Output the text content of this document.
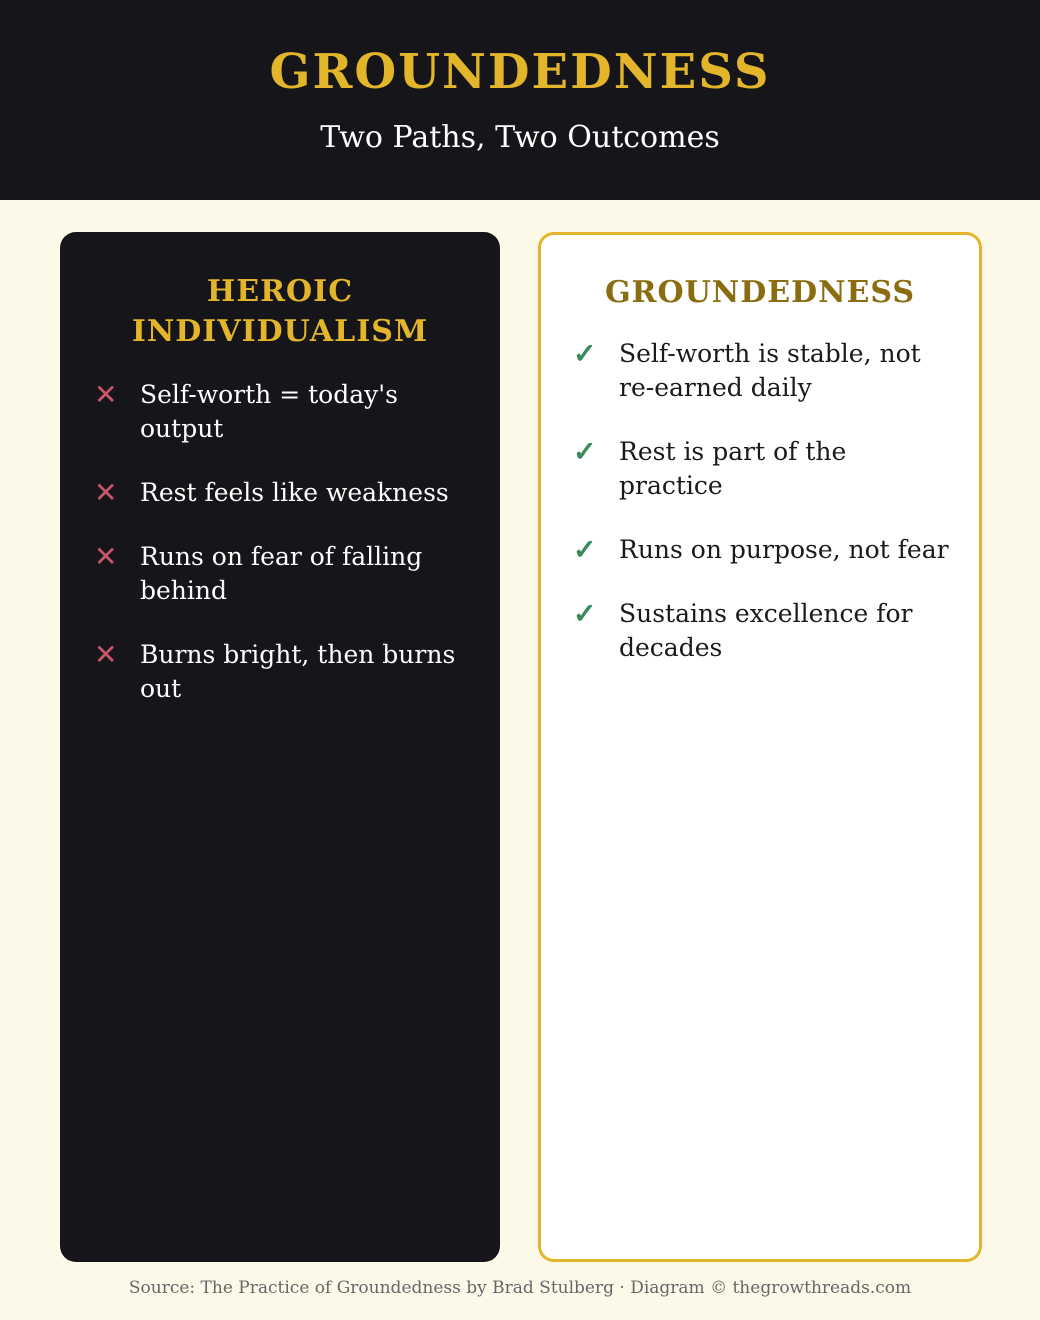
GROUNDEDNESS
Two Paths, Two Outcomes
HEROIC INDIVIDUALISM
✕ Self-worth = today's output
✕ Rest feels like weakness
✕ Runs on fear of falling behind
✕ Burns bright, then burns out
GROUNDEDNESS
✓ Self-worth is stable, not re-earned daily
✓ Rest is part of the practice
✓ Runs on purpose, not fear
✓ Sustains excellence for decades
Source: The Practice of Groundedness by Brad Stulberg · Diagram © thegrowthreads.com
